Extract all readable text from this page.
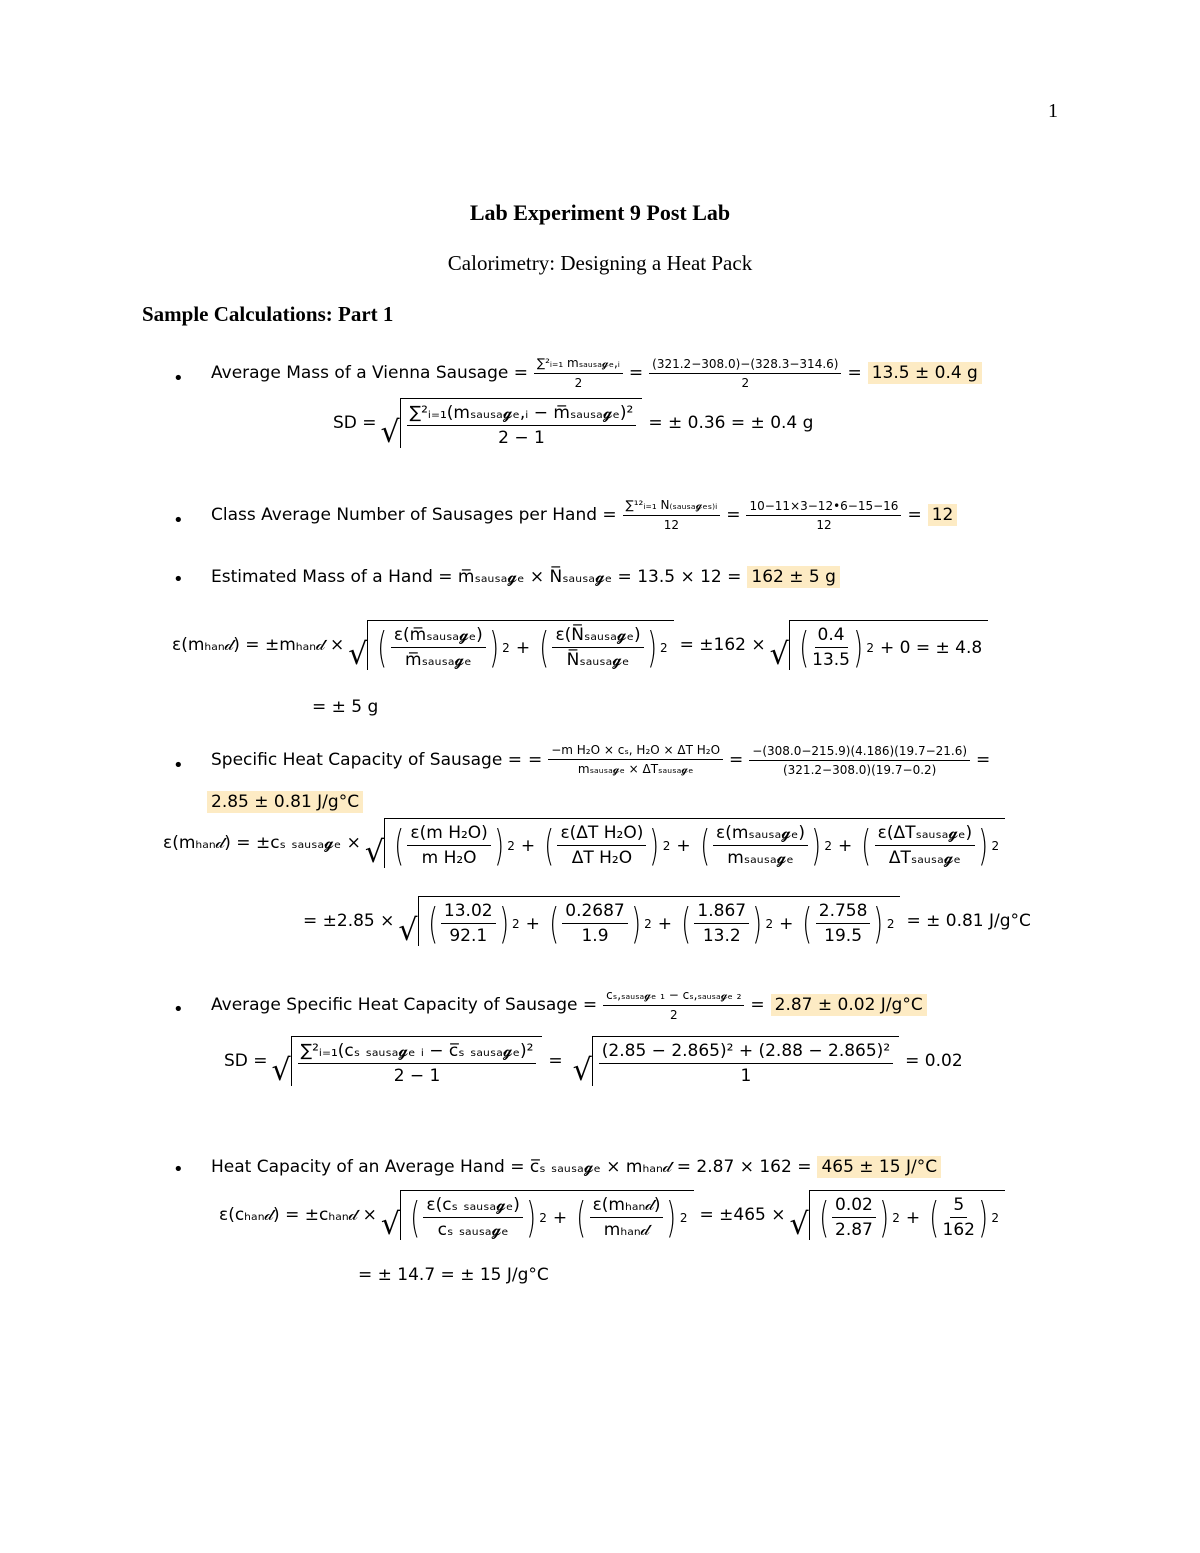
1
Lab Experiment 9 Post Lab
Calorimetry: Designing a Heat Pack
Sample Calculations: Part 1
• Average Mass of a Vienna Sausage = $\frac{\text{∑²ᵢ₌₁ mₛₐᵤₛₐ𝓰ₑ,ᵢ}}{2} = \frac{(321.2-308.0)-(328.3-314.6)}{2} = 13.5 \pm 0.4$ g
SD = √ $\frac{\text{∑²ᵢ₌₁(mₛₐᵤₛₐ𝓰ₑ,ᵢ − m̅ₛₐᵤₛₐ𝓰ₑ)²}}{2 - 1}$ = ± 0.36 = ± 0.4 g
• Class Average Number of Sausages per Hand = $\frac{\text{∑¹²ᵢ₌₁ N₍ₛₐᵤₛₐ𝓰ₑₛ₎ᵢ}}{12} = \frac{10-11\times 3-12•6-15-16}{12} = 12$
• Estimated Mass of a Hand = m̅ₛₐᵤₛₐ𝓰ₑ × N̅ₛₐᵤₛₐ𝓰ₑ = 13.5 × 12 = 162 ± 5 g
ε(mₕₐₙ𝒹) = ±mₕₐₙ𝒹 × √ ( $\frac{\text{ε(m̅ₛₐᵤₛₐ𝓰ₑ)}}{\text{m̅ₛₐᵤₛₐ𝓰ₑ}}$ ) 2 + ( $\frac{\text{ε(N̅ₛₐᵤₛₐ𝓰ₑ)}}{\text{N̅ₛₐᵤₛₐ𝓰ₑ}}$ ) 2 = ±162 × √ ( $\frac{0.4}{13.5}$ ) 2 + 0 = ± 4.8
= ± 5 g
• Specific Heat Capacity of Sausage = = $\frac{\text{−m H₂O × cₛ, H₂O × ΔT H₂O}}{\text{mₛₐᵤₛₐ𝓰ₑ × ΔTₛₐᵤₛₐ𝓰ₑ}} = \frac{-(308.0-215.9)(4.186)(19.7-21.6)}{(321.2-308.0)(19.7-0.2)}$ =
2.85 ± 0.81 J/g°C
ε(mₕₐₙ𝒹) = ±cₛ ₛₐᵤₛₐ𝓰ₑ × √ ( $\frac{\text{ε(m H₂O)}}{\text{m H₂O}}$ ) 2 + ( $\frac{\text{ε(ΔT H₂O)}}{\text{ΔT H₂O}}$ ) 2 + ( $\frac{\text{ε(mₛₐᵤₛₐ𝓰ₑ)}}{\text{mₛₐᵤₛₐ𝓰ₑ}}$ ) 2 + ( $\frac{\text{ε(ΔTₛₐᵤₛₐ𝓰ₑ)}}{\text{ΔTₛₐᵤₛₐ𝓰ₑ}}$ ) 2
= ±2.85 × √ ( $\frac{13.02}{92.1}$ ) 2 + ( $\frac{0.2687}{1.9}$ ) 2 + ( $\frac{1.867}{13.2}$ ) 2 + ( $\frac{2.758}{19.5}$ ) 2 = ± 0.81 J/g°C
• Average Specific Heat Capacity of Sausage = $\frac{\text{cₛ,ₛₐᵤₛₐ𝓰ₑ ₁ − cₛ,ₛₐᵤₛₐ𝓰ₑ ₂}}{2} = 2.87 \pm 0.02$ J/g°C
SD = √ $\frac{\text{∑²ᵢ₌₁(cₛ ₛₐᵤₛₐ𝓰ₑ ᵢ − c̅ₛ ₛₐᵤₛₐ𝓰ₑ)²}}{2 - 1}$ = √ $\frac{\text{(2.85 − 2.865)² + (2.88 − 2.865)²}}{1} = 0.02$
• Heat Capacity of an Average Hand = c̅ₛ ₛₐᵤₛₐ𝓰ₑ × mₕₐₙ𝒹 = 2.87 × 162 = 465 ± 15 J/°C
ε(cₕₐₙ𝒹) = ±cₕₐₙ𝒹 × √ ( $\frac{\text{ε(cₛ ₛₐᵤₛₐ𝓰ₑ)}}{\text{cₛ ₛₐᵤₛₐ𝓰ₑ}}$ ) 2 + ( $\frac{\text{ε(mₕₐₙ𝒹)}}{\text{mₕₐₙ𝒹}}$ ) 2 = ±465 × √ ( $\frac{0.02}{2.87}$ ) 2 + ( $\frac{5}{162}$ ) 2
= ± 14.7 = ± 15 J/g°C
